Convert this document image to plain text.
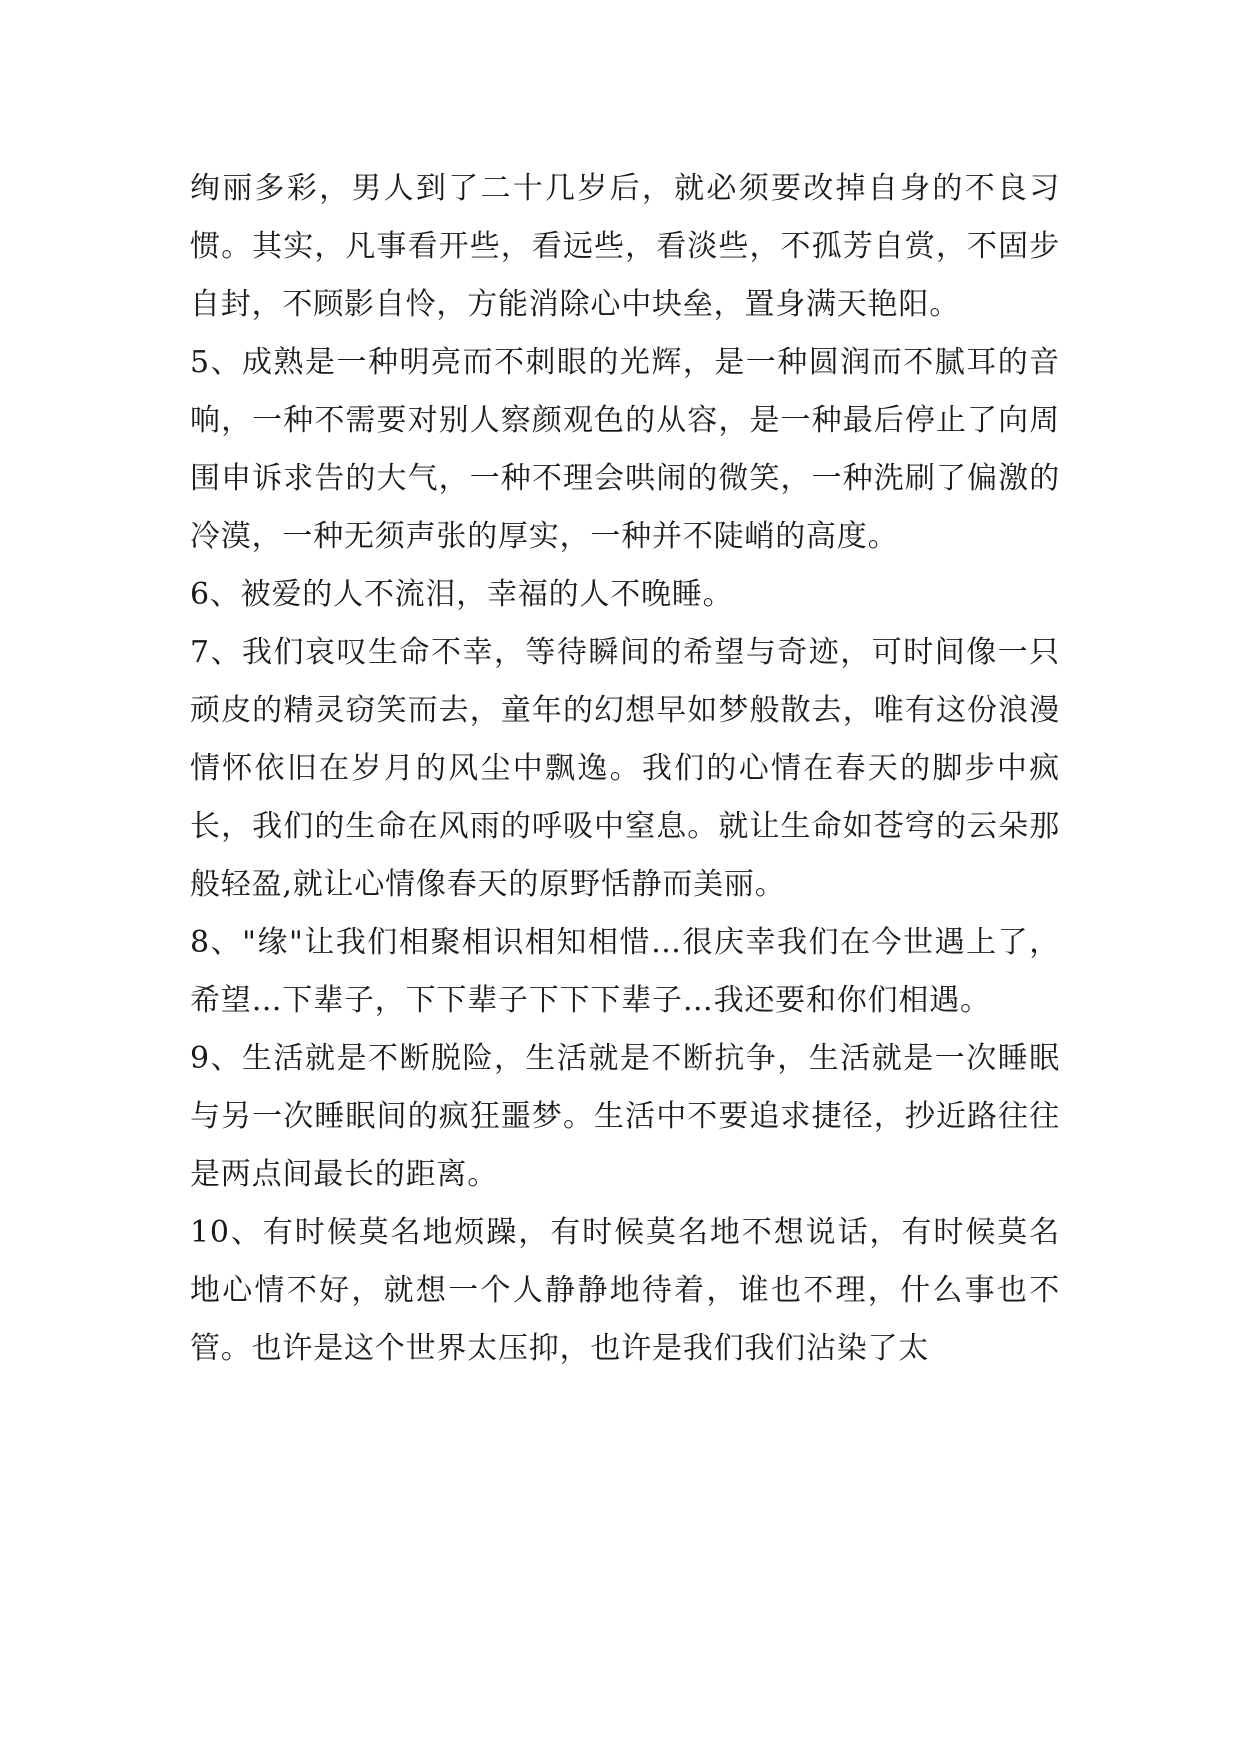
绚丽多彩，男人到了二十几岁后，就必须要改掉自身的不良习惯。其实，凡事看开些，看远些，看淡些，不孤芳自赏，不固步自封，不顾影自怜，方能消除心中块垒，置身满天艳阳。

5、成熟是一种明亮而不刺眼的光辉，是一种圆润而不腻耳的音响，一种不需要对别人察颜观色的从容，是一种最后停止了向周围申诉求告的大气，一种不理会哄闹的微笑，一种洗刷了偏激的冷漠，一种无须声张的厚实，一种并不陡峭的高度。

6、被爱的人不流泪，幸福的人不晚睡。

7、我们哀叹生命不幸，等待瞬间的希望与奇迹，可时间像一只顽皮的精灵窃笑而去，童年的幻想早如梦般散去，唯有这份浪漫情怀依旧在岁月的风尘中飘逸。我们的心情在春天的脚步中疯长，我们的生命在风雨的呼吸中窒息。就让生命如苍穹的云朵那般轻盈,就让心情像春天的原野恬静而美丽。

8、"缘"让我们相聚相识相知相惜…很庆幸我们在今世遇上了，希望…下辈子，下下辈子下下下辈子…我还要和你们相遇。

9、生活就是不断脱险，生活就是不断抗争，生活就是一次睡眠与另一次睡眠间的疯狂噩梦。生活中不要追求捷径，抄近路往往是两点间最长的距离。

10、有时候莫名地烦躁，有时候莫名地不想说话，有时候莫名地心情不好，就想一个人静静地待着，谁也不理，什么事也不管。也许是这个世界太压抑，也许是我们我们沾染了太
